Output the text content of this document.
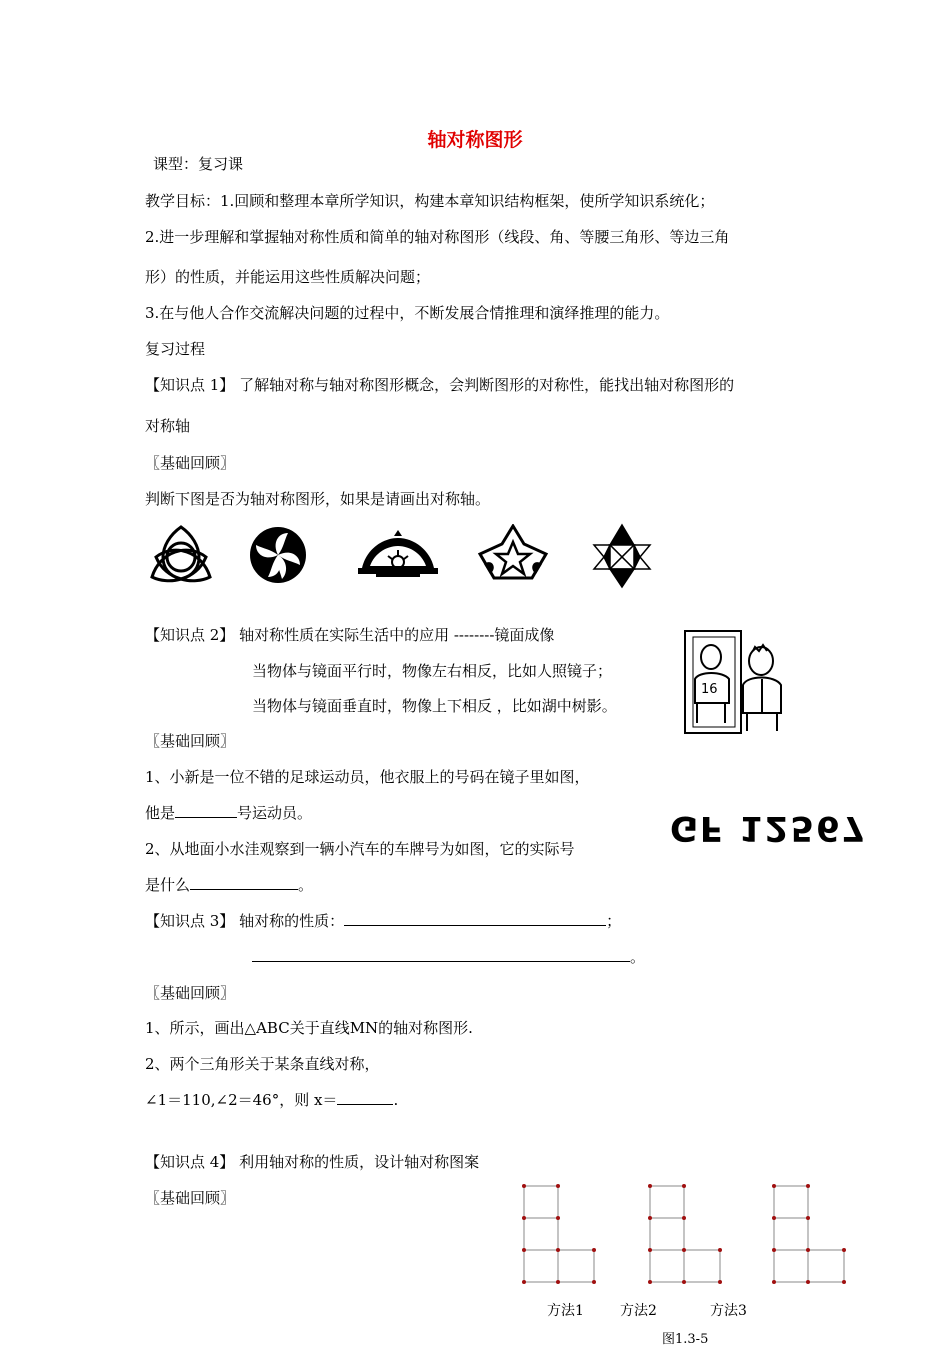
轴对称图形
课型：复习课
教学目标：1.回顾和整理本章所学知识，构建本章知识结构框架，使所学知识系统化；
2.进一步理解和掌握轴对称性质和简单的轴对称图形（线段、角、等腰三角形、等边三角
形）的性质，并能运用这些性质解决问题；
3.在与他人合作交流解决问题的过程中，不断发展合情推理和演绎推理的能力。
复习过程
【知识点 1】 了解轴对称与轴对称图形概念，会判断图形的对称性，能找出轴对称图形的
对称轴
〖基础回顾〗
判断下图是否为轴对称图形，如果是请画出对称轴。
【知识点 2】 轴对称性质在实际生活中的应用 --------镜面成像
当物体与镜面平行时，物像左右相反，比如人照镜子；
当物体与镜面垂直时，物像上下相反 ，比如湖中树影。
16
〖基础回顾〗
1、小新是一位不错的足球运动员，他衣服上的号码在镜子里如图，
他是	号运动员。
2、从地面小水洼观察到一辆小汽车的车牌号为如图，它的实际号
是什么	。
GF 12567
【知识点 3】 轴对称的性质：	；
。
〖基础回顾〗
1、所示，画出△ABC关于直线MN的轴对称图形.
2、两个三角形关于某条直线对称，
∠1＝110,∠2＝46°，则 x＝	.
【知识点 4】 利用轴对称的性质，设计轴对称图案
〖基础回顾〗
方法1	方法2	方法3
图1.3-5
